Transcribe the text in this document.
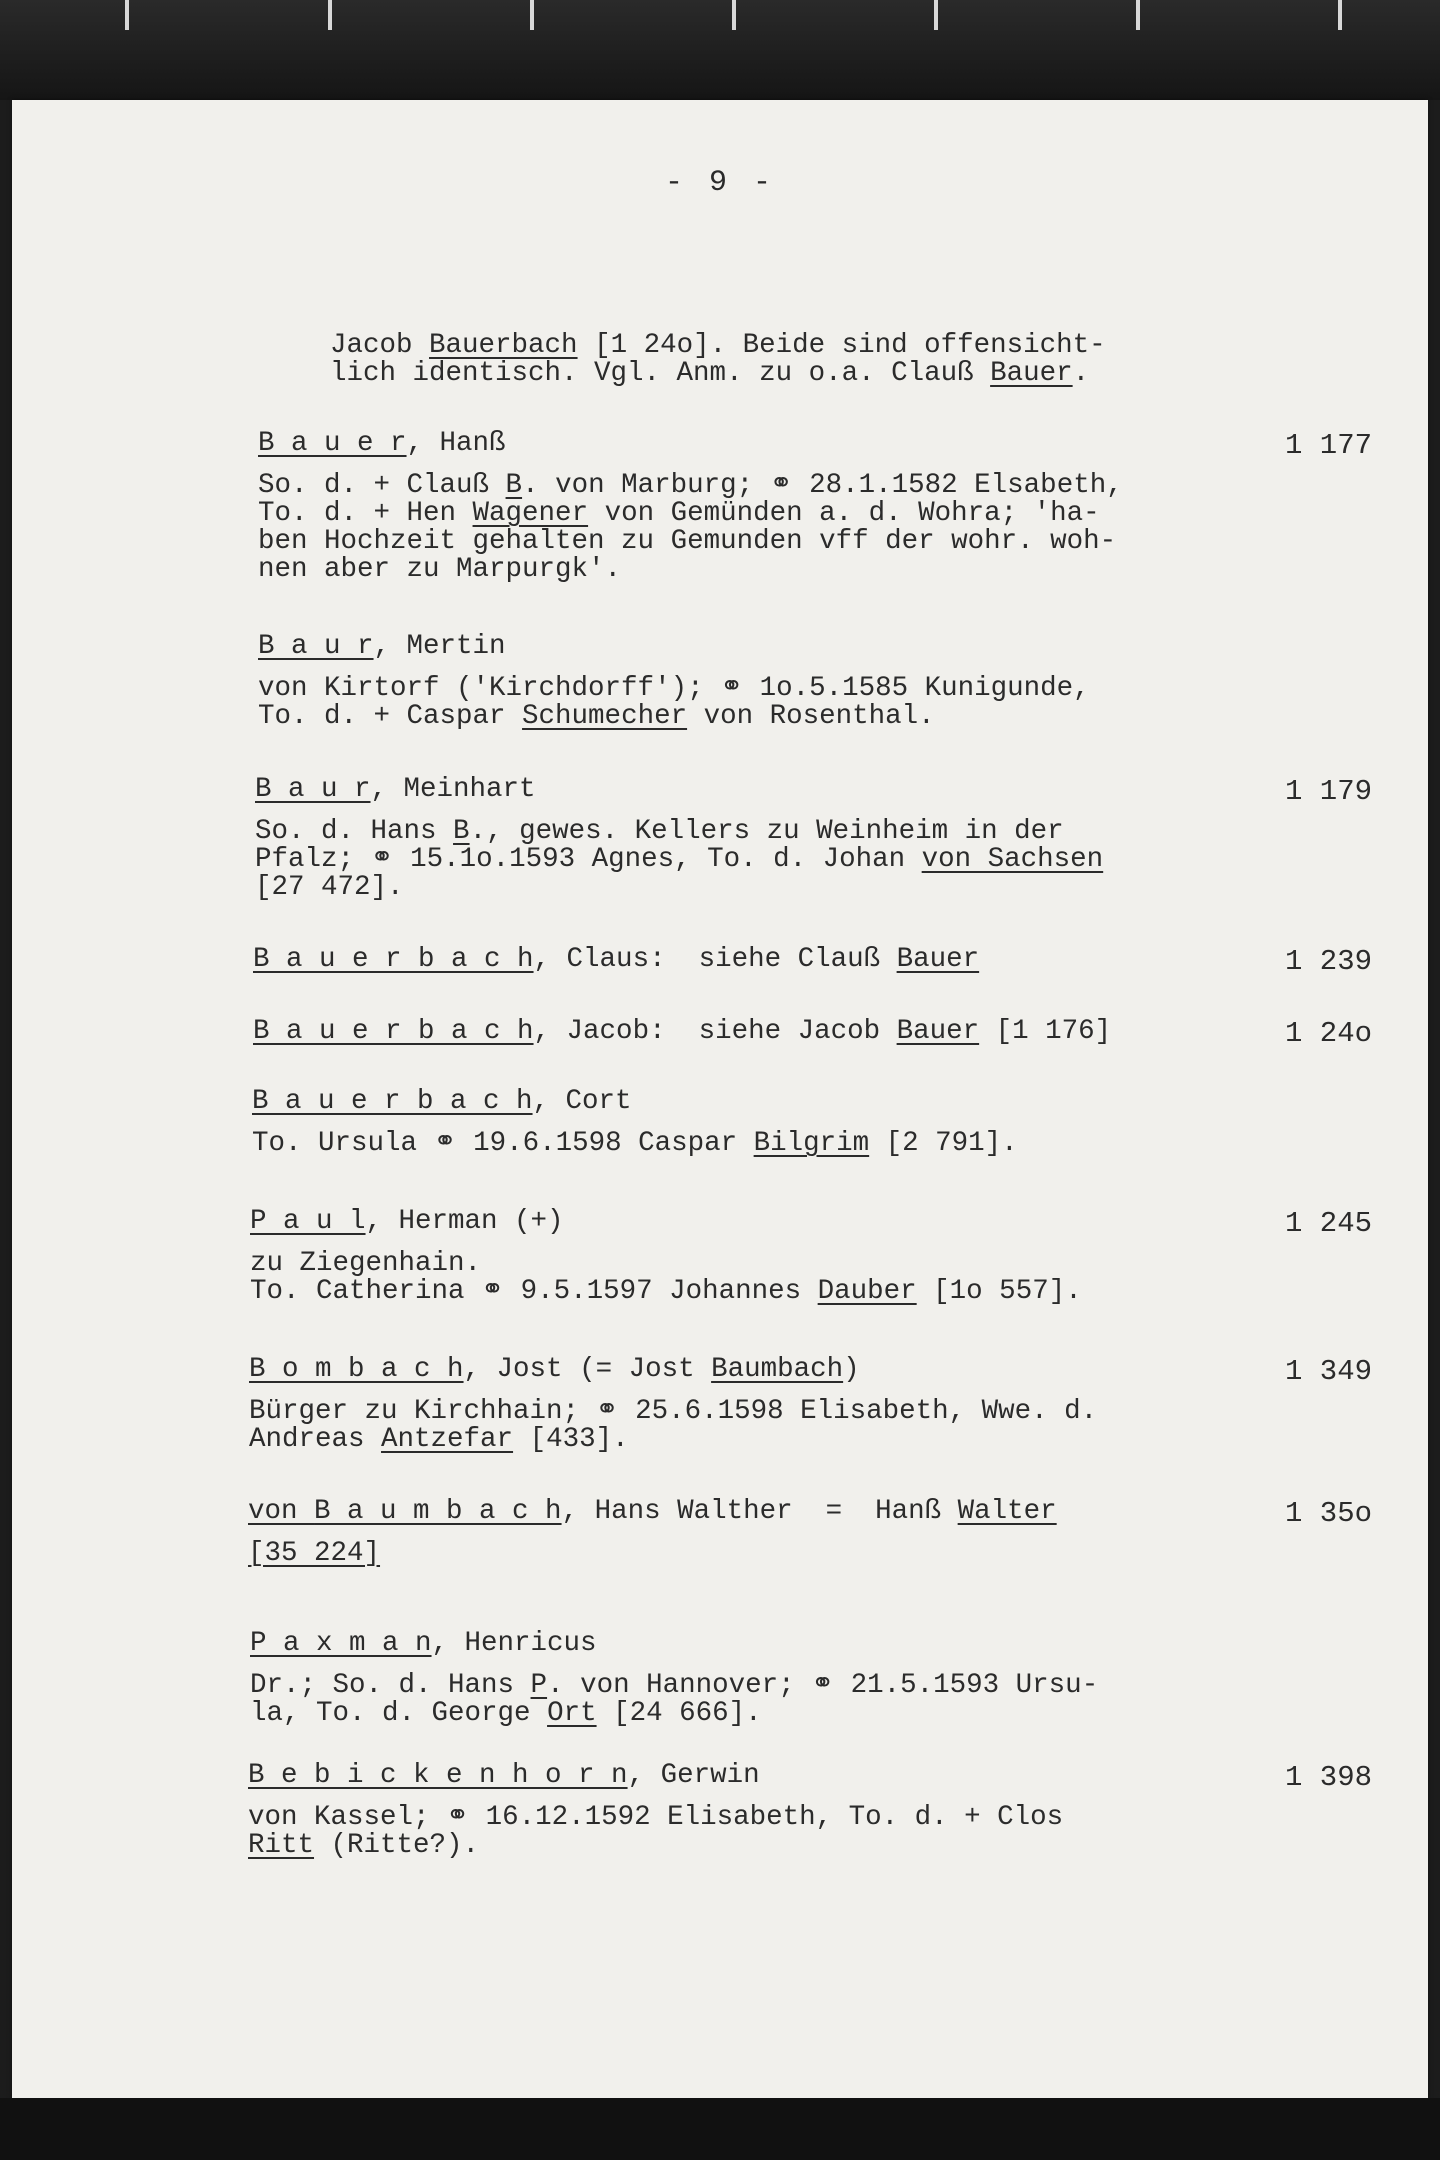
- 9 -
Jacob Bauerbach [1 24o]. Beide sind offensicht-
lich identisch. Vgl. Anm. zu o.a. Clauß Bauer.
B a u e r, Hanß	1 177
So. d. + Clauß B. von Marburg; ⚭ 28.1.1582 Elsabeth,
To. d. + Hen Wagener von Gemünden a. d. Wohra; 'ha-
ben Hochzeit gehalten zu Gemunden vff der wohr. woh-
nen aber zu Marpurgk'.
B a u r, Mertin
von Kirtorf ('Kirchdorff'); ⚭ 1o.5.1585 Kunigunde,
To. d. + Caspar Schumecher von Rosenthal.
B a u r, Meinhart	1 179
So. d. Hans B., gewes. Kellers zu Weinheim in der
Pfalz; ⚭ 15.1o.1593 Agnes, To. d. Johan von Sachsen
[27 472].
B a u e r b a c h, Claus:  siehe Clauß Bauer	1 239
B a u e r b a c h, Jacob:  siehe Jacob Bauer [1 176]	1 24o
B a u e r b a c h, Cort
To. Ursula ⚭ 19.6.1598 Caspar Bilgrim [2 791].
P a u l, Herman (+)	1 245
zu Ziegenhain.
To. Catherina ⚭ 9.5.1597 Johannes Dauber [1o 557].
B o m b a c h, Jost (= Jost Baumbach)	1 349
Bürger zu Kirchhain; ⚭ 25.6.1598 Elisabeth, Wwe. d.
Andreas Antzefar [433].
von B a u m b a c h, Hans Walther  =  Hanß Walter	1 35o
[35 224]
P a x m a n, Henricus
Dr.; So. d. Hans P. von Hannover; ⚭ 21.5.1593 Ursu-
la, To. d. George Ort [24 666].
B e b i c k e n h o r n, Gerwin	1 398
von Kassel; ⚭ 16.12.1592 Elisabeth, To. d. + Clos
Ritt (Ritte?).
